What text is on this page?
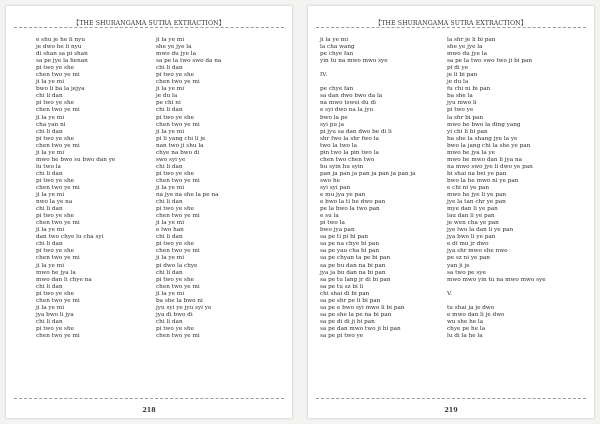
【THE SHURANGAMA SUTRA EXTRACTION】
e shu je he li nyu
je dwo he li nyu
di shan sa pi shan
sa pe jye la henan
pi two ye she
chen two ye mi
ji la ye mi
bwo li ba la jejya
chi li dan
pi two ye she
chen two ye mi
ji la ye mi
cha yan ni
chi li dan
pi two ye she
chen two ye mi
ji la ye mi
mwo he bwo su bwo dan ye
lu two la
chi li dan
pi two ye she
chen two ye mi
ji la ye mi
nwo la ye na
chi li dan
pi two ye she
chen two ye mi
ji la ye mi
dan two chye lu cha syi
chi li dan
pi two ye she
chen two ye mi
ji la ye mi
mwo he jya la
mwo dan li chye na
chi li dan
pi two ye she
chen two ye mi
ji la ye mi
jya bwo li jya
chi li dan
pi two ye she
chen two ye mi
ji la ye mi
she ye jye la
mwo du jye la
sa pe la two swo da na
chi li dan
pi two ye she
chen two ye mi
ji la ye mi
je du la
pe chi ni
chi li dan
pi two ye she
chen two ye mi
ji la ye mi
pi li yang chi li je
nan two ji shu la
chye na bwo di
swo syi ye
chi li dan
pi two ye she
chen two ye mi
ji la ye mi
na jye na she la pe na
chi li dan
pi two ye she
chen two ye mi
ji la ye mi
e lwo han
chi li dan
pi two ye she
chen two ye mi
ji la ye mi
pi dwo la chye
chi li dan
pi two ye she
chen two ye mi
ji la ye mi
ba she la bwo ni
jyu syi ye jyu syi ye
jya di bwo di
chi li dan
pi two ye she
chen two ye mi
218
【THE SHURANGAMA SUTRA EXTRACTION】
ji la ye mi
la cha wang
pe chye fan
yin tu na mwo mwo sye

IV.

pe chye fan
sa dan dwo bwo da la
na mwo tswei du di
e syi dwo na la jyu
bwo la pe
syi pu ja
pi jyu sa dan dwo be di li
shr fwo la shr fwo la
two la two la
pin two la pin two la
chen two chen two
hu syin hu syin
pan ja pan ja pan ja pan ja pan ja
swo he
syi syi pan
e mu jya ye pan
e bwo la ti he dwo pan
pe la bwo la two pan
e su la
pi two la
bwo jya pan
sa pe ti pi bi pan
sa pe na chye bi pan
sa pe yau cha bi pan
sa pe chyan ta pe bi pan
sa pe bu dan na bi pan
jya ja bu dan na bi pan
sa pe tu lang jr di bi pan
sa pe tu sz bi li
chi shai di bi pan
sa pe shr pe li bi pan
sa pe e bwo syi mwo li bi pan
sa pe she la pe na bi pan
sa pe di di ji bi pan
sa pe dan mwo two ji bi pan
sa pe pi two ye
la shr je li bi pan
she ye jye la
mwo du jye la
sa pe la two swo two ji bi pan
pi di ye
je li bi pan
je du la
fu chi ni bi pan
ba she la
jyu mwo li
pi two ye
la shr bi pan
mwo he bwo la ding yang
yi chi li bi pan
ba she la shang jye la ye
bwo la jang chi la she ye pan
mwo he jya la ye
mwo he mwo dan li jya na
na mwo swo jye li dwo ye pan
bi shai na bei ye pan
bwo la he mwo ni ye pan
e chi ni ye pan
mwo he jye li ye pan
jye la tan chr ye pan
mye dan li ye pan
lau dan li ye pan
je wen cha ye pan
jye lwo la dan li ye pan
jya bwo li ye pan
e di mu jr dwo
jya shr mwo she nwo
pe sz ni ye pan
yan ji je
sa two pe sye
mwo mwo yin tu na mwo mwo sye

V.

tu shai ja je dwo
e mwo dan li je dwo
wu she he la
chye pe he la
lu di la he la
219
